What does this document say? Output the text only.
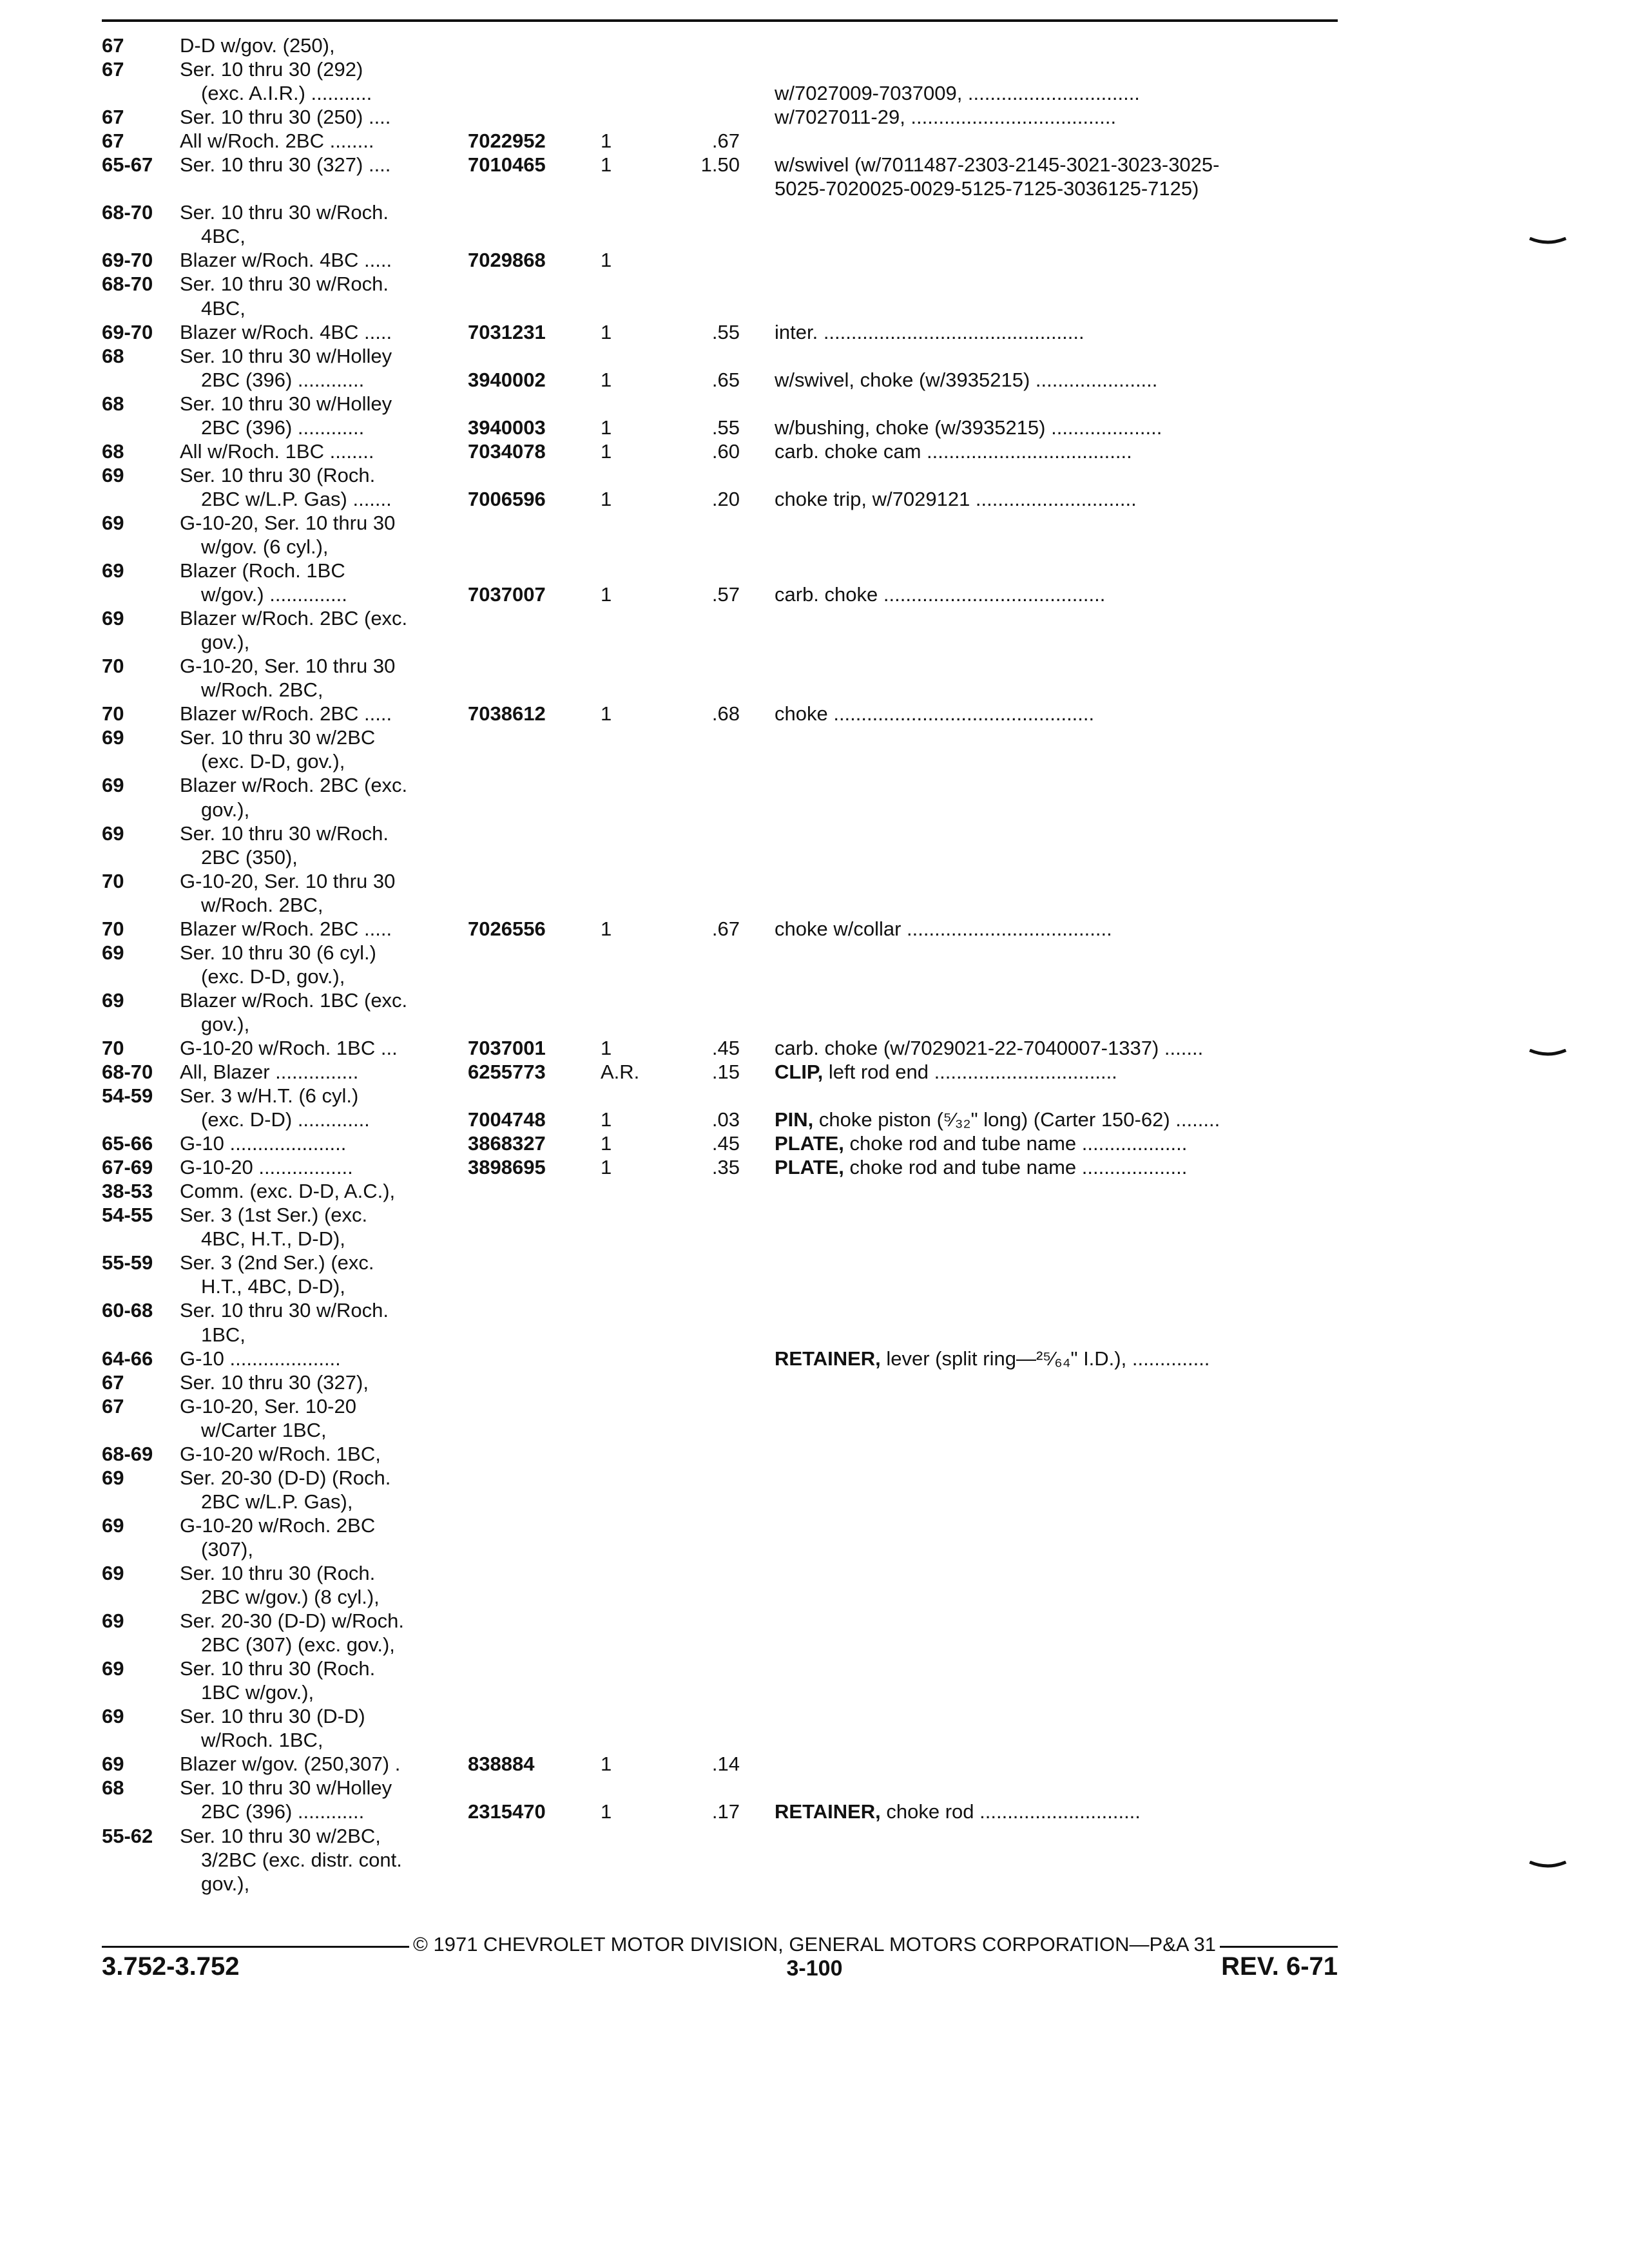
67	D-D w/gov. (250),
67	Ser. 10 thru 30 (292)
(exc. A.I.R.) ...........	w/7027009-7037009, ...............................
67	Ser. 10 thru 30 (250) ....	w/7027011-29, .....................................
67	All w/Roch. 2BC ........	7022952	1	.67
65-67 Ser. 10 thru 30 (327) ....	7010465	1	1.50 w/swivel (w/7011487-2303-2145-3021-3023-3025-
5025-7020025-0029-5125-7125-3036125-7125)
68-70 Ser. 10 thru 30 w/Roch.
4BC,
69-70 Blazer w/Roch. 4BC .....	7029868	1
68-70 Ser. 10 thru 30 w/Roch.
4BC,
69-70 Blazer w/Roch. 4BC .....	7031231	1	.55 inter. ...............................................
68	Ser. 10 thru 30 w/Holley
2BC (396) ............	3940002	1	.65 w/swivel, choke (w/3935215) ......................
68	Ser. 10 thru 30 w/Holley
2BC (396) ............	3940003	1	.55 w/bushing, choke (w/3935215) ....................
68	All w/Roch. 1BC ........	7034078	1	.60 carb. choke cam .....................................
69	Ser. 10 thru 30 (Roch.
2BC w/L.P. Gas) .......	7006596	1	.20 choke trip, w/7029121 .............................
69	G-10-20, Ser. 10 thru 30
w/gov. (6 cyl.),
69	Blazer (Roch. 1BC
w/gov.) ..............	7037007	1	.57 carb. choke ........................................
69	Blazer w/Roch. 2BC (exc.
gov.),
70	G-10-20, Ser. 10 thru 30
w/Roch. 2BC,
70	Blazer w/Roch. 2BC .....	7038612	1	.68 choke ...............................................
69	Ser. 10 thru 30 w/2BC
(exc. D-D, gov.),
69	Blazer w/Roch. 2BC (exc.
gov.),
69	Ser. 10 thru 30 w/Roch.
2BC (350),
70	G-10-20, Ser. 10 thru 30
w/Roch. 2BC,
70	Blazer w/Roch. 2BC .....	7026556	1	.67 choke w/collar .....................................
69	Ser. 10 thru 30 (6 cyl.)
(exc. D-D, gov.),
69	Blazer w/Roch. 1BC (exc.
gov.),
70	G-10-20 w/Roch. 1BC ...	7037001	1	.45 carb. choke (w/7029021-22-7040007-1337) .......
68-70 All, Blazer ...............	6255773	A.R.	.15 CLIP, left rod end .................................
54-59 Ser. 3 w/H.T. (6 cyl.)
(exc. D-D) .............	7004748	1	.03 PIN, choke piston (⁵⁄₃₂" long) (Carter 150-62) ........
65-66 G-10 .....................	3868327	1	.45 PLATE, choke rod and tube name ...................
67-69 G-10-20 .................	3898695	1	.35 PLATE, choke rod and tube name ...................
38-53 Comm. (exc. D-D, A.C.),
54-55 Ser. 3 (1st Ser.) (exc.
4BC, H.T., D-D),
55-59 Ser. 3 (2nd Ser.) (exc.
H.T., 4BC, D-D),
60-68 Ser. 10 thru 30 w/Roch.
1BC,
64-66 G-10 ....................	RETAINER, lever (split ring—²⁵⁄₆₄" I.D.), ..............
67	Ser. 10 thru 30 (327),
67	G-10-20, Ser. 10-20
w/Carter 1BC,
68-69 G-10-20 w/Roch. 1BC,
69	Ser. 20-30 (D-D) (Roch.
2BC w/L.P. Gas),
69	G-10-20 w/Roch. 2BC
(307),
69	Ser. 10 thru 30 (Roch.
2BC w/gov.) (8 cyl.),
69	Ser. 20-30 (D-D) w/Roch.
2BC (307) (exc. gov.),
69	Ser. 10 thru 30 (Roch.
1BC w/gov.),
69	Ser. 10 thru 30 (D-D)
w/Roch. 1BC,
69	Blazer w/gov. (250,307) .	838884	1	.14
68	Ser. 10 thru 30 w/Holley
2BC (396) ............	2315470	1	.17 RETAINER, choke rod .............................
55-62 Ser. 10 thru 30 w/2BC,
3/2BC (exc. distr. cont.
gov.),
© 1971 CHEVROLET MOTOR DIVISION, GENERAL MOTORS CORPORATION—P&A 31
3.752-3.752	3-100	REV. 6-71
